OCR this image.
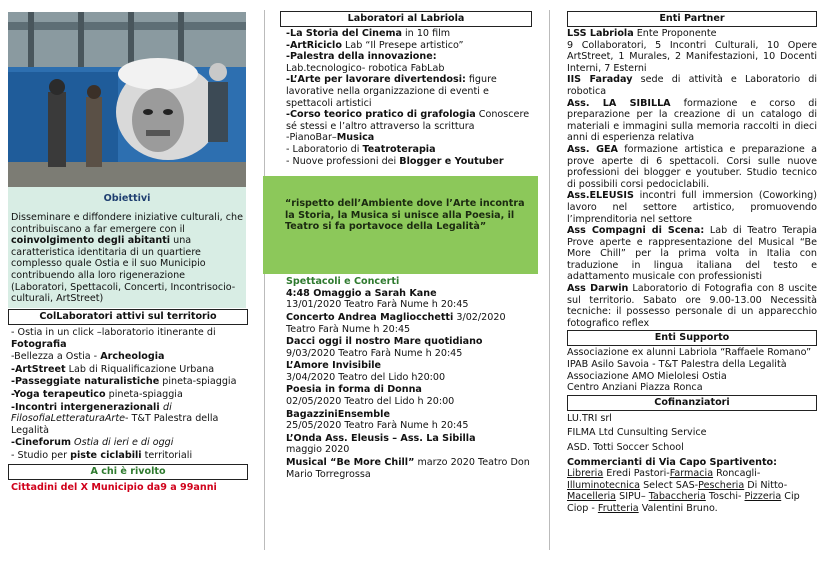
Obiettivi
Disseminare e diffondere iniziative culturali, che contribuiscano a far emergere con il coinvolgimento degli abitanti una caratteristica identitaria di un quartiere complesso quale Ostia e il suo Municipio contribuendo alla loro rigenerazione (Laboratori, Spettacoli, Concerti, Incontrisocio-culturali, ArtStreet)
ColLaboratori attivi sul territorio
- Ostia in un click –laboratorio itinerante di Fotografia
-Bellezza a Ostia - Archeologia
-ArtStreet Lab di Riqualificazione Urbana
-Passeggiate naturalistiche pineta-spiaggia
-Yoga terapeutico pineta-spiaggia
-Incontri intergenerazionali di FilosofiaLetteraturaArte- T&T Palestra della Legalità
-Cineforum Ostia di ieri e di oggi
- Studio per piste ciclabili territoriali
A chi è rivolto
Cittadini del X Municipio da9 a 99anni
Laboratori al Labriola
-La Storia del Cinema in 10 film
-ArtRiciclo Lab “Il Presepe artistico”
-Palestra della innovazione:
Lab.tecnologico- robotica FabLab
-L’Arte per lavorare divertendosi: figure lavorative nella organizzazione di eventi e spettacoli artistici
-Corso teorico pratico di grafologia Conoscere sé stessi e l’altro attraverso la scrittura
-PianoBar–Musica
- Laboratorio di Teatroterapia
- Nuove professioni dei Blogger e Youtuber
“rispetto dell’Ambiente dove l’Arte incontra la Storia, la Musica si unisce alla Poesia, il Teatro si fa portavoce della Legalità”
Spettacoli e Concerti
4:48 Omaggio a Sarah Kane
13/01/2020 Teatro Farà Nume h 20:45
Concerto Andrea Magliocchetti 3/02/2020 Teatro Farà Nume h 20:45
Dacci oggi il nostro Mare quotidiano
9/03/2020 Teatro Farà Nume h 20:45
L’Amore Invisibile
3/04/2020 Teatro del Lido h20:00
Poesia in forma di Donna
02/05/2020 Teatro del Lido h 20:00
BagazziniEnsemble
25/05/2020 Teatro Farà Nume h 20:45
L’Onda Ass. Eleusis – Ass. La Sibilla
maggio 2020
Musical “Be More Chill” marzo 2020 Teatro Don Mario Torregrossa
Enti Partner
LSS Labriola Ente Proponente
9 Collaboratori, 5 Incontri Culturali, 10 Opere ArtStreet, 1 Murales, 2 Manifestazioni, 10 Docenti Interni, 7 Esterni
IIS Faraday sede di attività e Laboratorio di robotica
Ass. LA SIBILLA formazione e corso di preparazione per la creazione di un catalogo di materiali e immagini sulla memoria raccolti in dieci anni di esperienza relativa
Ass. GEA formazione artistica e preparazione a prove aperte di 6 spettacoli. Corsi sulle nuove professioni dei blogger e youtuber. Studio tecnico di possibili corsi pedociclabili.
Ass.ELEUSIS incontri full immersion (Coworking) lavoro nel settore artistico, promuovendo l’imprenditoria nel settore
Ass Compagni di Scena: Lab di Teatro Terapia Prove aperte e rappresentazione del Musical “Be More Chill” per la prima volta in Italia con traduzione in lingua italiana del testo e adattamento musicale con professionisti
Ass Darwin Laboratorio di Fotografia con 8 uscite sul territorio. Sabato ore 9.00-13.00 Necessità tecniche: il possesso personale di un apparecchio fotografico reflex
Enti Supporto
Associazione ex alunni Labriola “Raffaele Romano”
IPAB Asilo Savoia - T&T Palestra della Legalità
Associazione AMO Mielolesi Ostia
Centro Anziani Piazza Ronca
Cofinanziatori
LU.TRI srl
FILMA Ltd Cunsulting Service
ASD. Totti Soccer School
Commercianti di Via Capo Spartivento:
Libreria Eredi Pastori-Farmacia Roncagli-Illuminotecnica Select SAS-Pescheria Di Nitto-Macelleria SIPU– Tabaccheria Toschi- Pizzeria Cip Ciop - Frutteria Valentini Bruno.
